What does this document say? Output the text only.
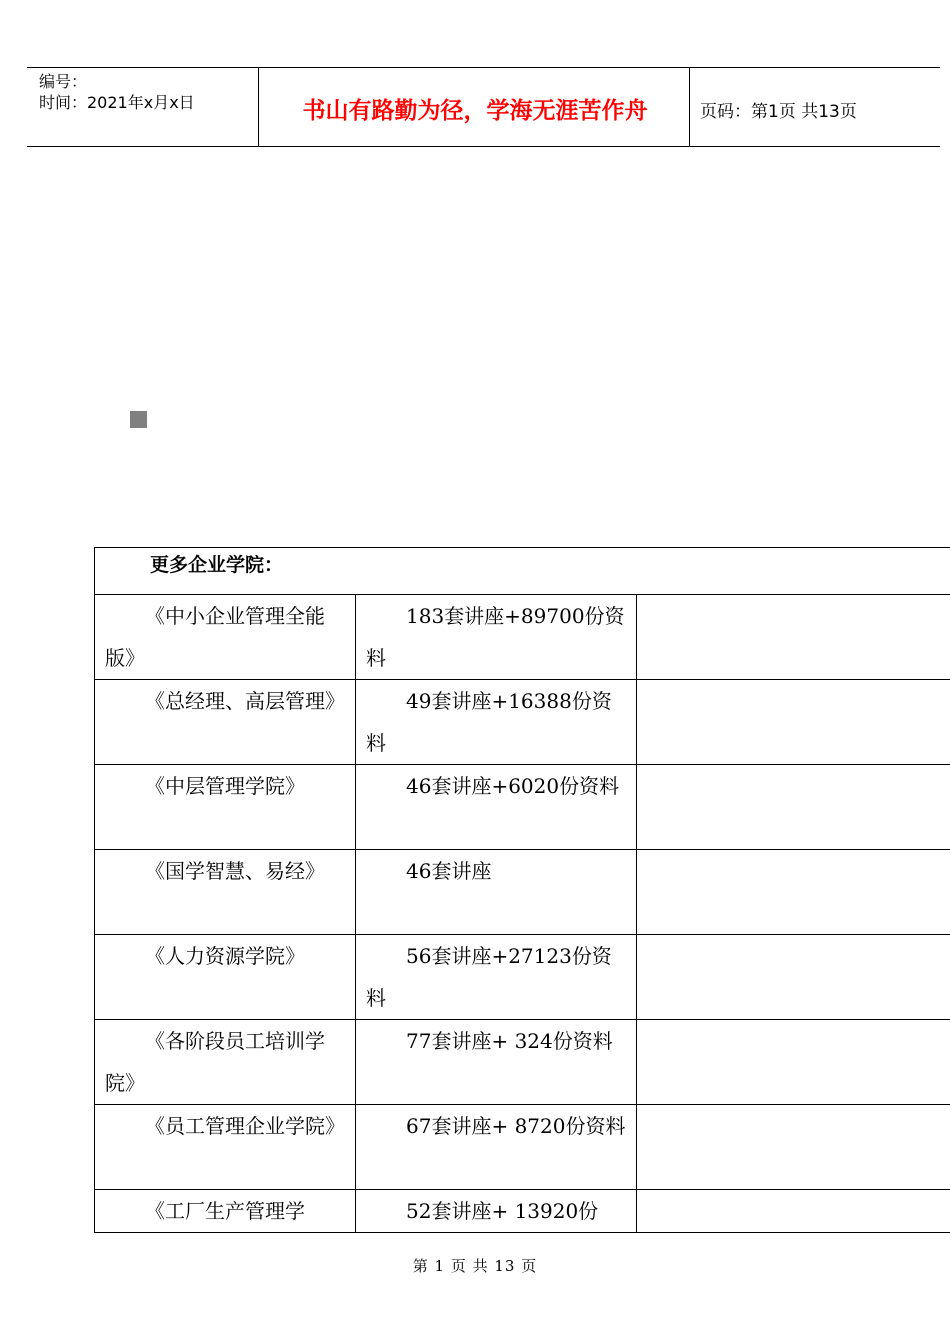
编号：
时间：2021年x月x日	书山有路勤为径，学海无涯苦作舟	页码：第1页 共13页
更多企业学院：		
《中小企业管理全能版》	183套讲座+89700份资料	
《总经理、高层管理》	49套讲座+16388份资料	
《中层管理学院》	46套讲座+6020份资料	
《国学智慧、易经》	46套讲座	
《人力资源学院》	56套讲座+27123份资料	
《各阶段员工培训学院》	77套讲座+ 324份资料	
《员工管理企业学院》	67套讲座+ 8720份资料	
《工厂生产管理学	52套讲座+ 13920份	
第 1 页 共 13 页
